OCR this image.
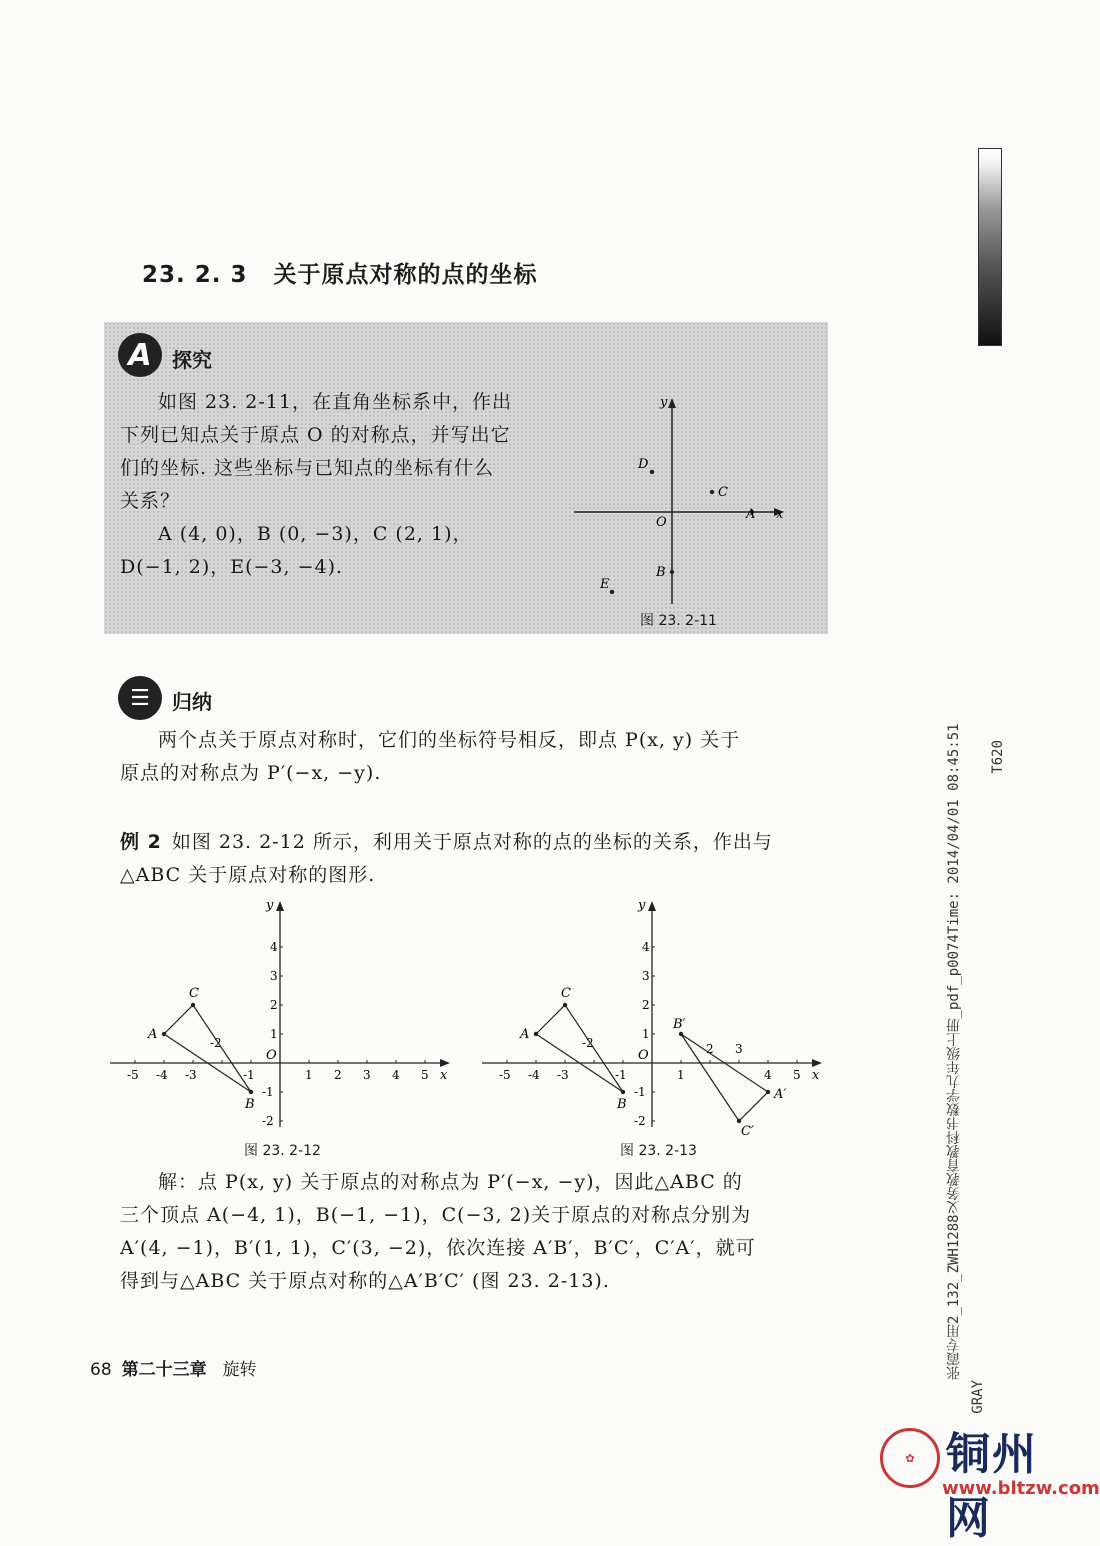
23. 2. 3 关于原点对称的点的坐标
A	探究

如图 23. 2-11，在直角坐标系中，作出

下列已知点关于原点 O 的对称点，并写出它

们的坐标. 这些坐标与已知点的坐标有什么

关系？

A (4, 0)，B (0, −3)，C (2, 1)，

D(−1, 2)，E(−3, −4).

x
y
O
A
B
C
D
E
图 23. 2-11
☰	归纳

两个点关于原点对称时，它们的坐标符号相反，即点 P(x, y) 关于

原点的对称点为 P′(−x, −y).

例 2 如图 23. 2-12 所示，利用关于原点对称的点的坐标的关系，作出与

△ABC 关于原点对称的图形.

x
y
O
-5 -4 -3
-2
-1	1 2 3 4 5
4
3
2
1
-1
-2
A
B
C
图 23. 2-12
x
y
O
-5 -4 -3
-2
-1	1
2 3
4 5
4
3
2
1
-1
-2
A
B
C
A′
B′
C′
图 23. 2-13

解：点 P(x, y) 关于原点的对称点为 P′(−x, −y)，因此△ABC 的

三个顶点 A(−4, 1)，B(−1, −1)，C(−3, 2)关于原点的对称点分别为

A′(4, −1)，B′(1, 1)，C′(3, −2)，依次连接 A′B′，B′C′，C′A′，就可

得到与△ABC 关于原点对称的△A′B′C′ (图 23. 2-13).

68 第二十三章 旋转
T620
张霞专用2_132_ZWH1288义务教育教科书数学九年级上册_pdf_p0074Time: 2014/04/01 08:45:51
GRAY
✿ 铜州网
www.bltzw.com
